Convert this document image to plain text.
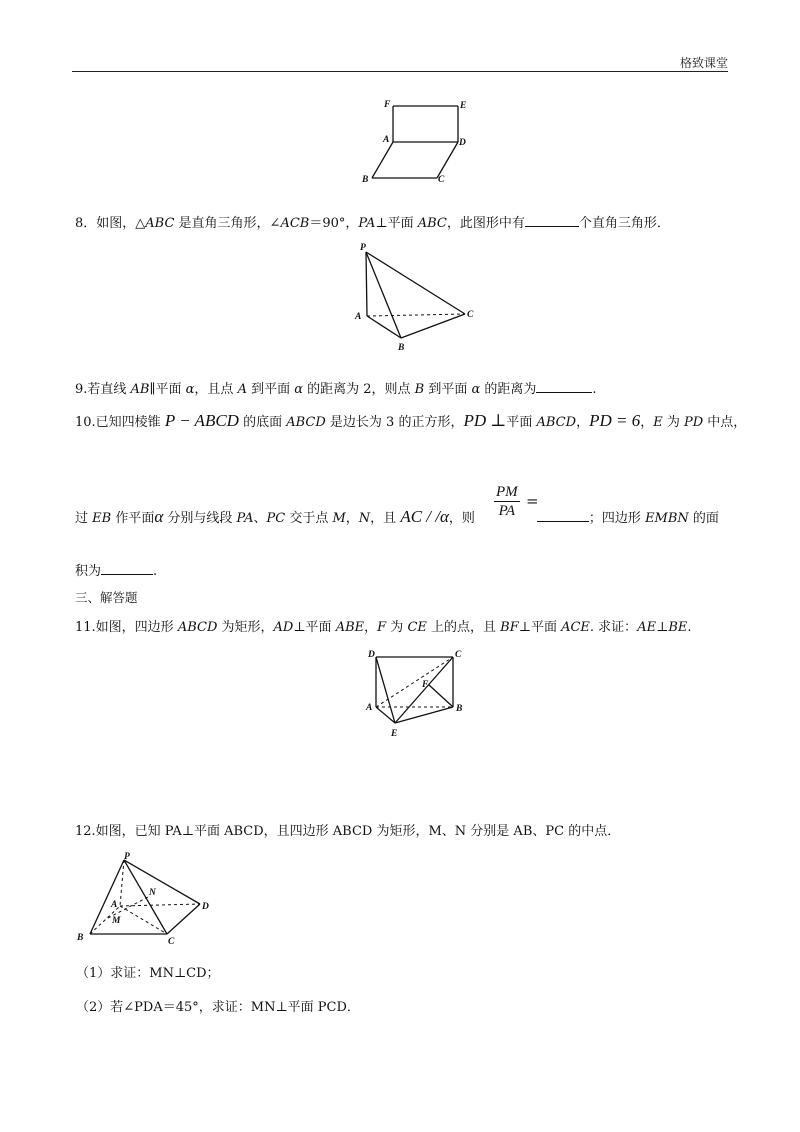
格致课堂
F	E
A	D
B	C
8．如图，△ABC 是直角三角形，∠ACB＝90°，PA⊥平面 ABC，此图形中有	个直角三角形．
P
A	C
B
9.若直线 AB∥平面 α，且点 A 到平面 α 的距离为 2，则点 B 到平面 α 的距离为	.
10.已知四棱锥 P − ABCD 的底面 ABCD 是边长为 3 的正方形，PD ⊥平面 ABCD，PD = 6，E 为 PD 中点，
过 EB 作平面α 分别与线段 PA、PC 交于点 M，N，且 AC / /α，则	；四边形 EMBN 的面
$\frac{PM}{PA}$ =
积为	.
三、解答题
11.如图，四边形 ABCD 为矩形，AD⊥平面 ABE，F 为 CE 上的点，且 BF⊥平面 ACE. 求证：AE⊥BE.
D	C
F
A	B
E
12.如图，已知 PA⊥平面 ABCD，且四边形 ABCD 为矩形，M、N 分别是 AB、PC 的中点．
P
N
A
M
D
B	C
（1）求证：MN⊥CD；
（2）若∠PDA＝45°，求证：MN⊥平面 PCD．
